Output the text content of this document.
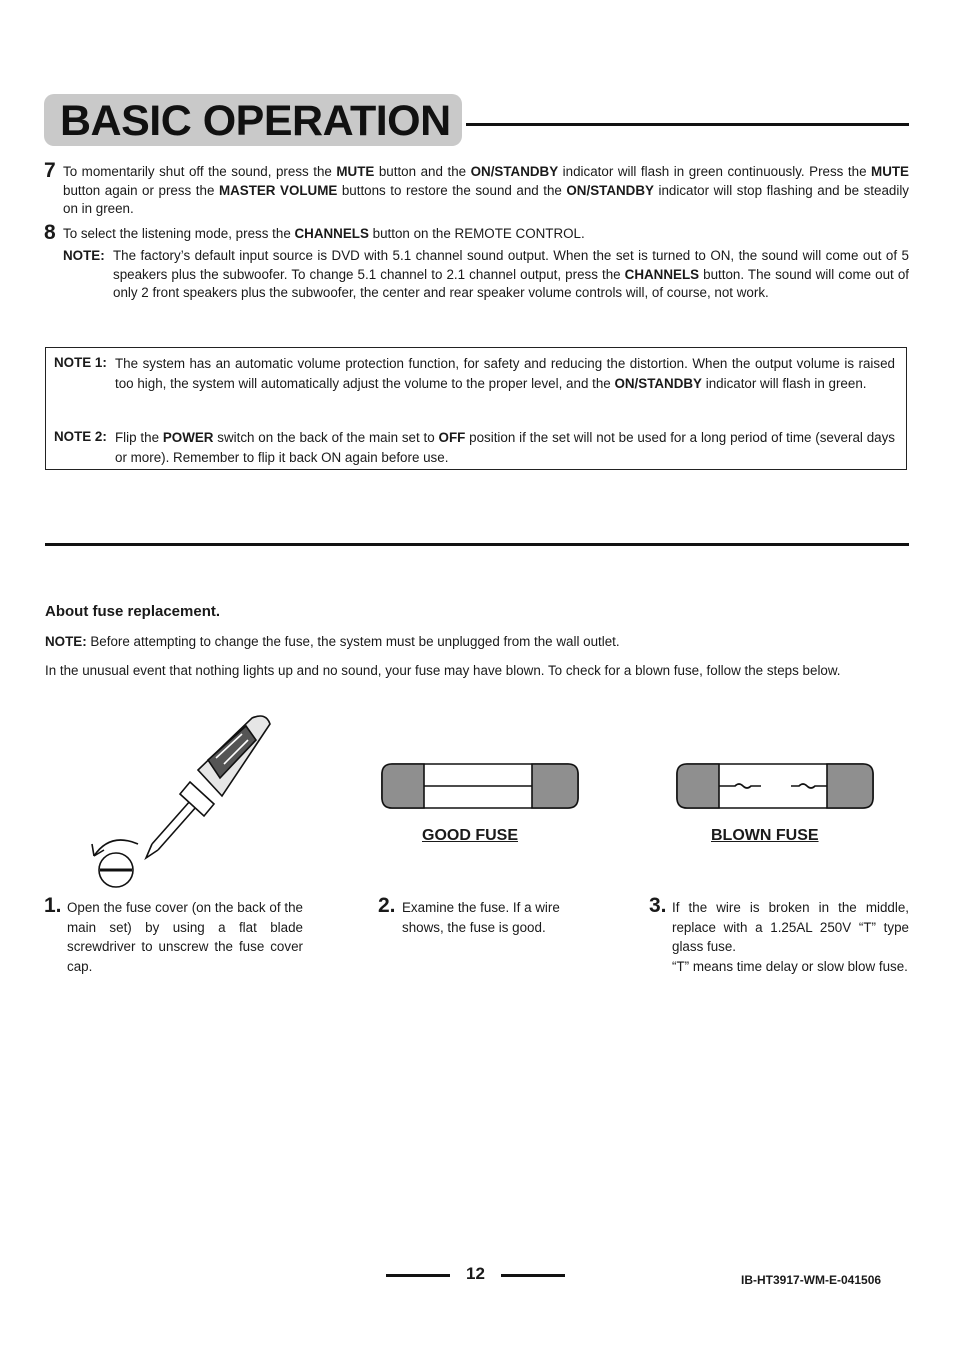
BASIC OPERATION
7 To momentarily shut off the sound, press the MUTE button and the ON/STANDBY indicator will flash in green continuously. Press the MUTE button again or press the MASTER VOLUME buttons to restore the sound and the ON/STANDBY indicator will stop flashing and be steadily on in green.
8 To select the listening mode, press the CHANNELS button on the REMOTE CONTROL.
NOTE: The factory’s default input source is DVD with 5.1 channel sound output. When the set is turned to ON, the sound will come out of 5 speakers plus the subwoofer. To change 5.1 channel to 2.1 channel output, press the CHANNELS button. The sound will come out of only 2 front speakers plus the subwoofer, the center and rear speaker volume controls will, of course, not work.
NOTE 1: The system has an automatic volume protection function, for safety and reducing the distortion. When the output volume is raised too high, the system will automatically adjust the volume to the proper level, and the ON/STANDBY indicator will flash in green.
NOTE 2: Flip the POWER switch on the back of the main set to OFF position if the set will not be used for a long period of time (several days or more). Remember to flip it back ON again before use.
About fuse replacement.
NOTE: Before attempting to change the fuse, the system must be unplugged from the wall outlet.
In the unusual event that nothing lights up and no sound, your fuse may have blown. To check for a blown fuse, follow the steps below.
GOOD FUSE	BLOWN FUSE
1. Open the fuse cover (on the back of the main set) by using a flat blade screwdriver to unscrew the fuse cover cap.
2. Examine the fuse. If a wire shows, the fuse is good.
3. If the wire is broken in the middle, replace with a 1.25AL 250V “T” type glass fuse.
“T” means time delay or slow blow fuse.
12	IB-HT3917-WM-E-041506
